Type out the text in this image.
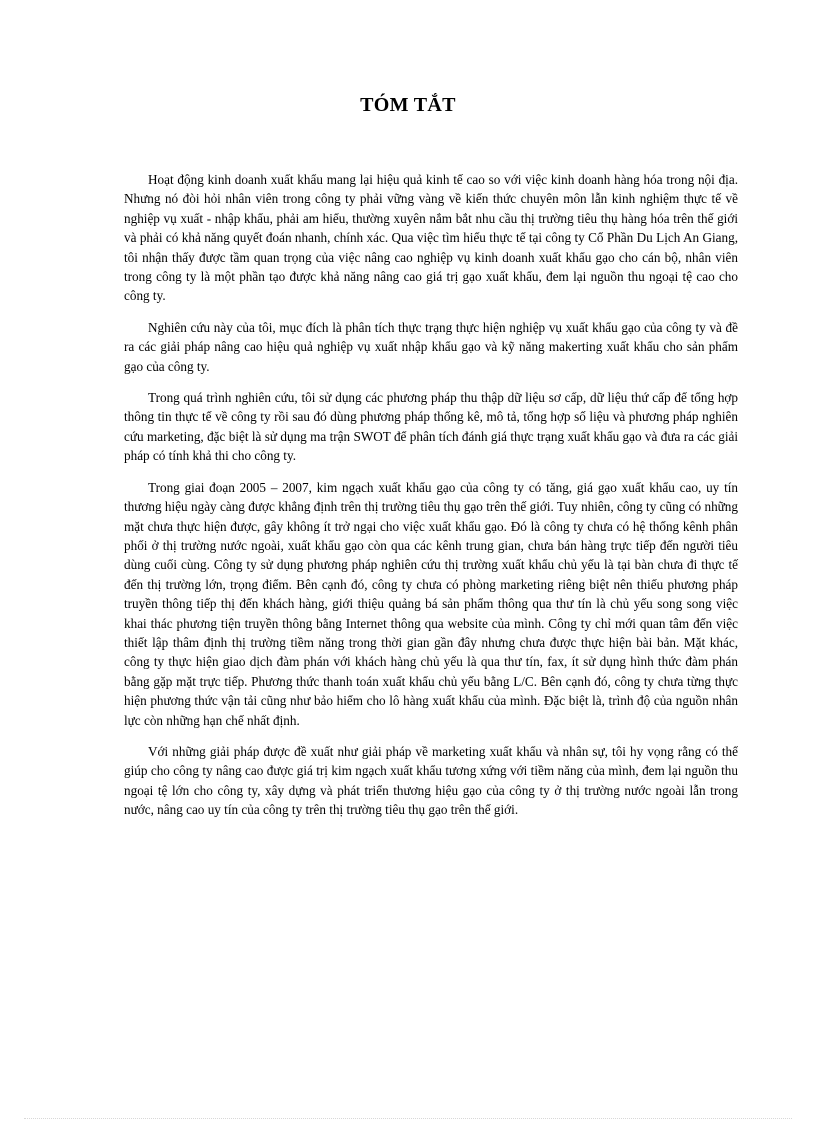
TÓM TẮT

Hoạt động kinh doanh xuất khẩu mang lại hiệu quả kinh tế cao so với việc kinh doanh hàng hóa trong nội địa. Nhưng nó đòi hỏi nhân viên trong công ty phải vững vàng về kiến thức chuyên môn lẫn kinh nghiệm thực tế về nghiệp vụ xuất - nhập khẩu, phải am hiểu, thường xuyên nắm bắt nhu cầu thị trường tiêu thụ hàng hóa trên thế giới và phải có khả năng quyết đoán nhanh, chính xác. Qua việc tìm hiểu thực tế tại công ty Cổ Phần Du Lịch An Giang, tôi nhận thấy được tầm quan trọng của việc nâng cao nghiệp vụ kinh doanh xuất khẩu gạo cho cán bộ, nhân viên trong công ty là một phần tạo được khả năng nâng cao giá trị gạo xuất khẩu, đem lại nguồn thu ngoại tệ cao cho công ty.

Nghiên cứu này của tôi, mục đích là phân tích thực trạng thực hiện nghiệp vụ xuất khẩu gạo của công ty và đề ra các giải pháp nâng cao hiệu quả nghiệp vụ xuất nhập khẩu gạo và kỹ năng makerting xuất khẩu cho sản phẩm gạo của công ty.

Trong quá trình nghiên cứu, tôi sử dụng các phương pháp thu thập dữ liệu sơ cấp, dữ liệu thứ cấp để tổng hợp thông tin thực tế về công ty rồi sau đó dùng phương pháp thống kê, mô tả, tổng hợp số liệu và phương pháp nghiên cứu marketing, đặc biệt là sử dụng ma trận SWOT để phân tích đánh giá thực trạng xuất khẩu gạo và đưa ra các giải pháp có tính khả thi cho công ty.

Trong giai đoạn 2005 – 2007, kim ngạch xuất khẩu gạo của công ty có tăng, giá gạo xuất khẩu cao, uy tín thương hiệu ngày càng được khẳng định trên thị trường tiêu thụ gạo trên thế giới. Tuy nhiên, công ty cũng có những mặt chưa thực hiện được, gây không ít trở ngại cho việc xuất khẩu gạo. Đó là công ty chưa có hệ thống kênh phân phối ở thị trường nước ngoài, xuất khẩu gạo còn qua các kênh trung gian, chưa bán hàng trực tiếp đến người tiêu dùng cuối cùng. Công ty sử dụng phương pháp nghiên cứu thị trường xuất khẩu chủ yếu là tại bàn chưa đi thực tế đến thị trường lớn, trọng điểm. Bên cạnh đó, công ty chưa có phòng marketing riêng biệt nên thiếu phương pháp truyền thông tiếp thị đến khách hàng, giới thiệu quảng bá sản phẩm thông qua thư tín là chủ yếu song song việc khai thác phương tiện truyền thông bằng Internet thông qua website của mình. Công ty chỉ mới quan tâm đến việc thiết lập thâm định thị trường tiềm năng trong thời gian gần đây nhưng chưa được thực hiện bài bản. Mặt khác, công ty thực hiện giao dịch đàm phán với khách hàng chủ yếu là qua thư tín, fax, ít sử dụng hình thức đàm phán bằng gặp mặt trực tiếp. Phương thức thanh toán xuất khẩu chủ yếu bằng L/C. Bên cạnh đó, công ty chưa từng thực hiện phương thức vận tải cũng như bảo hiểm cho lô hàng xuất khẩu của mình. Đặc biệt là, trình độ của nguồn nhân lực còn những hạn chế nhất định.

Với những giải pháp được đề xuất như giải pháp về marketing xuất khẩu và nhân sự, tôi hy vọng rằng có thể giúp cho công ty nâng cao được giá trị kim ngạch xuất khẩu tương xứng với tiềm năng của mình, đem lại nguồn thu ngoại tệ lớn cho công ty, xây dựng và phát triển thương hiệu gạo của công ty ở thị trường nước ngoài lẫn trong nước, nâng cao uy tín của công ty trên thị trường tiêu thụ gạo trên thế giới.
